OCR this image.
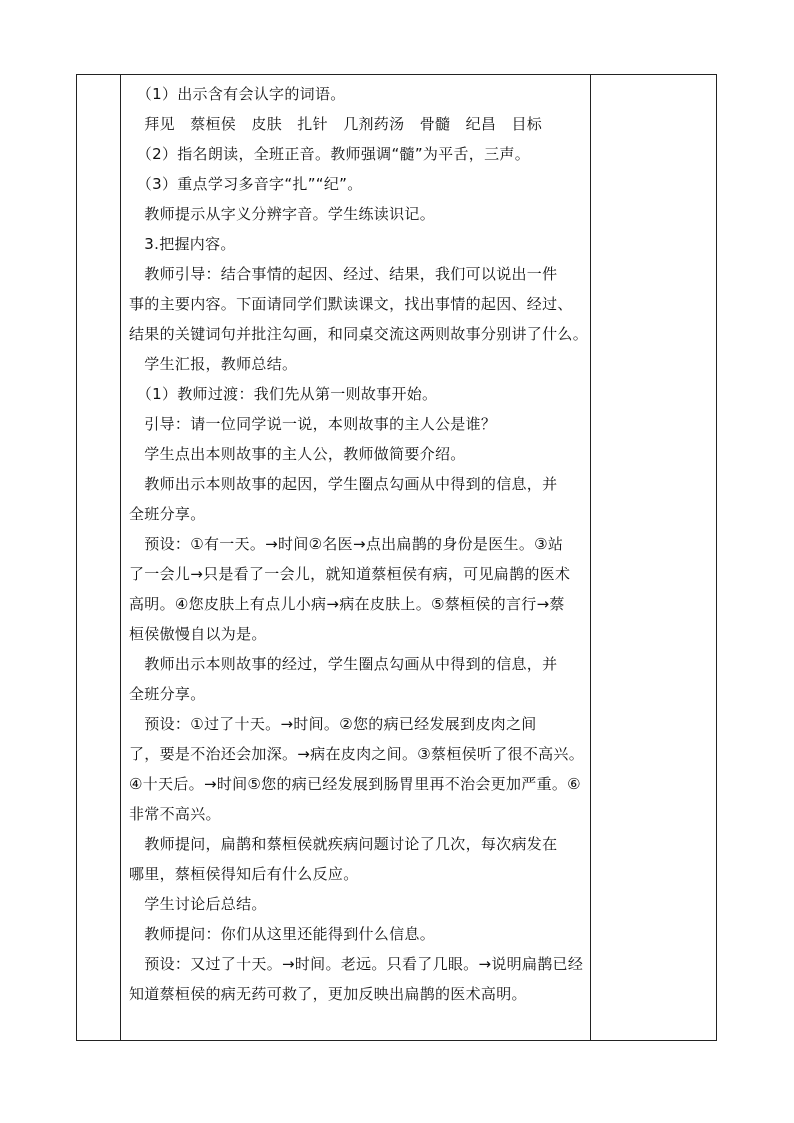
　（1）出示含有会认字的词语。
　拜见　蔡桓侯　皮肤　扎针　几剂药汤　骨髓　纪昌　目标
　（2）指名朗读，全班正音。教师强调“髓”为平舌，三声。
　（3）重点学习多音字“扎”“纪”。
　教师提示从字义分辨字音。学生练读识记。
　3.把握内容。
　教师引导：结合事情的起因、经过、结果，我们可以说出一件
事的主要内容。下面请同学们默读课文，找出事情的起因、经过、
结果的关键词句并批注勾画，和同桌交流这两则故事分别讲了什么。
　学生汇报，教师总结。
　（1）教师过渡：我们先从第一则故事开始。
　引导：请一位同学说一说，本则故事的主人公是谁？
　学生点出本则故事的主人公，教师做简要介绍。
　教师出示本则故事的起因，学生圈点勾画从中得到的信息，并
全班分享。
　预设：①有一天。→时间②名医→点出扁鹊的身份是医生。③站
了一会儿→只是看了一会儿，就知道蔡桓侯有病，可见扁鹊的医术
高明。④您皮肤上有点儿小病→病在皮肤上。⑤蔡桓侯的言行→蔡
桓侯傲慢自以为是。
　教师出示本则故事的经过，学生圈点勾画从中得到的信息，并
全班分享。
　预设：①过了十天。→时间。②您的病已经发展到皮肉之间
了，要是不治还会加深。→病在皮肉之间。③蔡桓侯听了很不高兴。
④十天后。→时间⑤您的病已经发展到肠胃里再不治会更加严重。⑥
非常不高兴。
　教师提问，扁鹊和蔡桓侯就疾病问题讨论了几次，每次病发在
哪里，蔡桓侯得知后有什么反应。
　学生讨论后总结。
　教师提问：你们从这里还能得到什么信息。
　预设：又过了十天。→时间。老远。只看了几眼。→说明扁鹊已经
知道蔡桓侯的病无药可救了，更加反映出扁鹊的医术高明。
